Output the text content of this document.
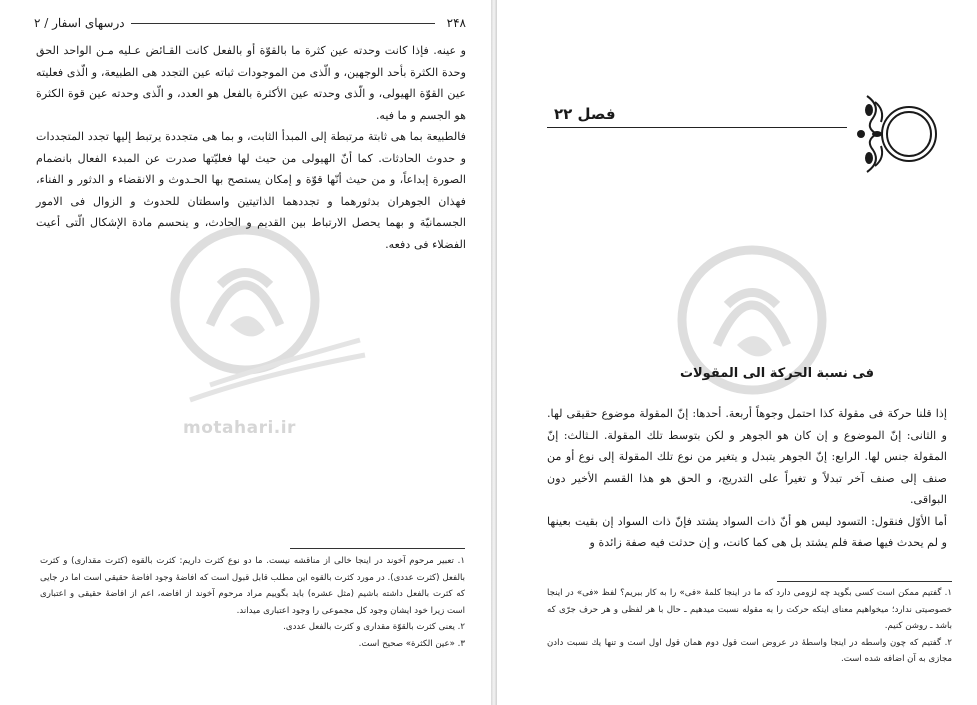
۲۴۸
درسهای اسفار / ۲
motahari.ir

و عینه. فإذا كانت وحدته عین كثرة ما بالقوّة أو بالفعل كانت القـائض عـلیه مـن الواحد الحق وحدة الكثرة بأحد الوجهین، و الّذی من الموجودات ثباته عین التجدد هی الطبیعة، و الّذی فعلیته عین القوّة الهیولی، و الّذی وحدته عین الأكثرة بالفعل هو العدد، و الّذی وحدته عین قوة الكثرة هو الجسم و ما فیه.

فالطبیعة بما هی ثابتة مرتبطة إلی المبدأ الثابت، و بما هی متجددة یرتبط إلیها تجدد المتجددات و حدوث الحادثات. كما أنّ الهیولی من حیث لها فعلیّتها صدرت عن المبدء الفعال بانضمام الصورة إبداعاً، و من حیث أنّها قوّة و إمكان یستصح بها الحـدوث و الانقضاء و الدثور و الفناء، فهذان الجوهران بدثورهما و تجددهما الذاتیتین واسطتان للحدوث و الزوال فی الامور الجسمانیّة و بهما یحصل الارتباط بین القدیم و الحادث، و ینحسم مادة الإشكال الّتی أعیت الفضلاء فی دفعه.

۱. تعبیر مرحوم آخوند در اینجا خالی از مناقشه نیست. ما دو نوع كثرت داریم: كثرت بالقوه (كثرت مقداری) و كثرت بالفعل (كثرت عددی). در مورد كثرت بالقوه این مطلب قابل قبول است كه افاضهٔ وجود افاضهٔ حقیقی است اما در جایی كه كثرت بالفعل داشته باشیم (مثل عشره) باید بگوییم مراد مرحوم آخوند از افاضه، اعم از افاضهٔ حقیقی و اعتباری است زیرا خود ایشان وجود كل مجموعی را وجود اعتباری میداند.

۲. یعنی كثرت بالقوّة مقداری و كثرت بالفعل عددی.

۳. «عین الكثرة» صحیح است.

فصل ۲۲
فی نسبة الحركة الی المقولات

إذا قلنا حركة فی مقولة كذا احتمل وجوهاً أربعة. أحدها: إنّ المقولة موضوع حقیقی لها. و الثانی: إنّ الموضوع و إن كان هو الجوهر و لكن بتوسط تلك المقولة. الـثالث: إنّ المقولة جنس لها. الرابع: إنّ الجوهر یتبدل و یتغیر من نوع تلك المقولة إلی نوع أو من صنف إلی صنف آخر تبدلاً و تغیراً علی التدریج، و الحق هو هذا القسم الأخیر دون البواقی.

أما الأوّل فنقول: التسود لیس هو أنّ ذات السواد یشتد فإنّ ذات السواد إن بقیت بعینها و لم یحدث فیها صفة فلم یشتد بل هی كما كانت، و إن حدثت فیه صفة زائدة و

۱. گفتیم ممكن است كسی بگوید چه لزومی دارد كه ما در اینجا كلمهٔ «فی» را به كار ببریم؟ لفظ «فی» در اینجا خصوصیتی ندارد؛ میخواهیم معنای اینكه حركت را به مقوله نسبت میدهیم ـ حال با هر لفظی و هر حرف جرّی كه باشد ـ روشن كنیم.

۲. گفتیم كه چون واسطه در اینجا واسطهٔ در عروض است قول دوم همان قول اول است و تنها یك نسبت دادن مجازی به آن اضافه شده است.
